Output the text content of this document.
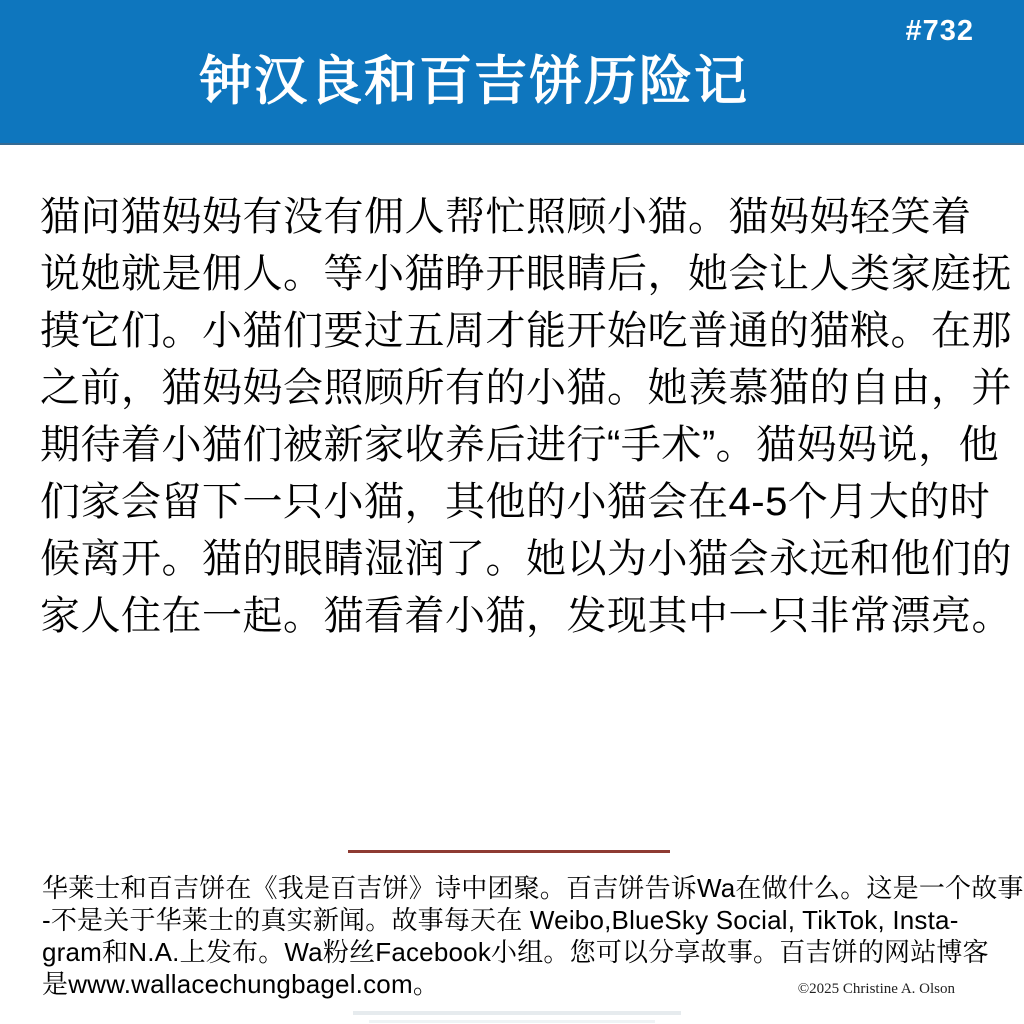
#732
钟汉良和百吉饼历险记
猫问猫妈妈有没有佣人帮忙照顾小猫。猫妈妈轻笑着
说她就是佣人。等小猫睁开眼睛后，她会让人类家庭抚
摸它们。小猫们要过五周才能开始吃普通的猫粮。在那
之前，猫妈妈会照顾所有的小猫。她羡慕猫的自由，并
期待着小猫们被新家收养后进行“手术”。猫妈妈说，他
们家会留下一只小猫，其他的小猫会在4-5个月大的时
候离开。猫的眼睛湿润了。她以为小猫会永远和他们的
家人住在一起。猫看着小猫，发现其中一只非常漂亮。
华莱士和百吉饼在《我是百吉饼》诗中团聚。百吉饼告诉Wa在做什么。这是一个故事
-不是关于华莱士的真实新闻。故事每天在 Weibo,BlueSky Social, TikTok, Insta-
gram和N.A.上发布。Wa粉丝Facebook小组。您可以分享故事。百吉饼的网站博客
是www.wallacechungbagel.com。	©2025 Christine A. Olson
